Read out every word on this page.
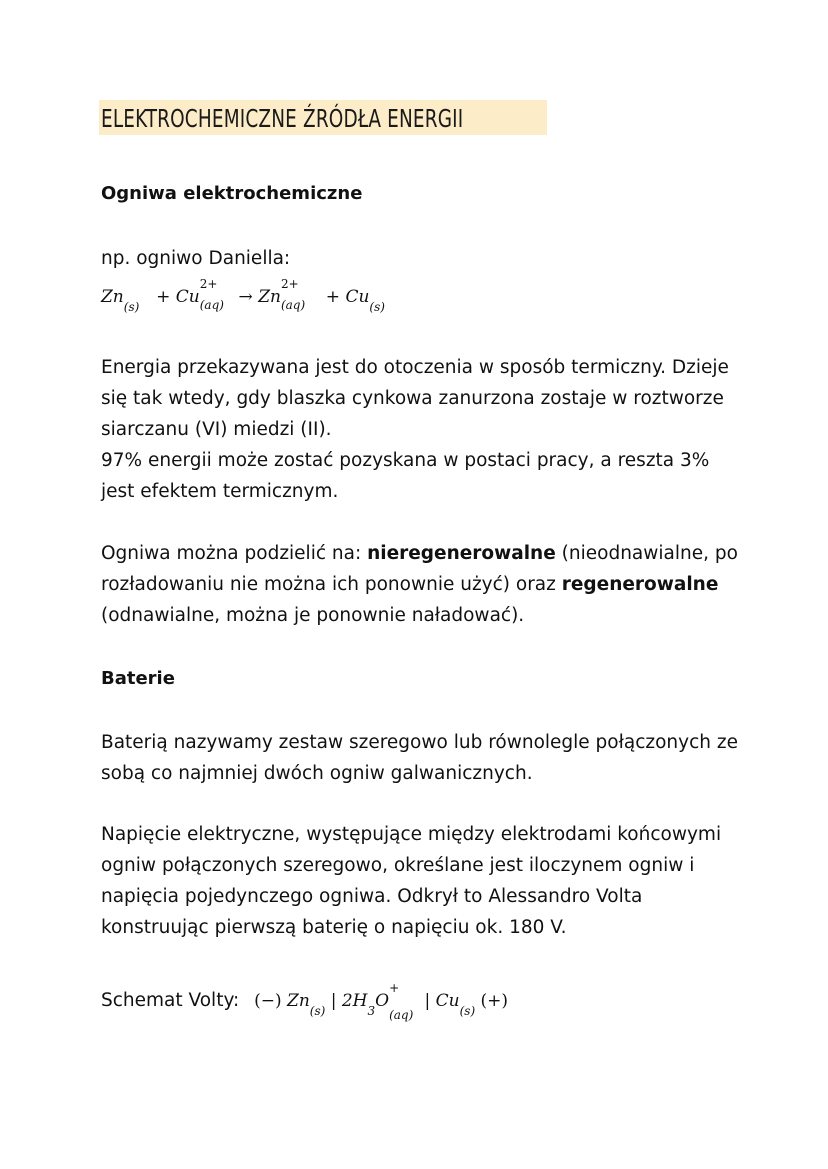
ELEKTROCHEMICZNE ŹRÓDŁA ENERGII
Ogniwa elektrochemiczne
np. ogniwo Daniella:
$Zn_{(s)} + Cu$
2+
(aq) → Zn
2+
$(aq) + Cu_{(s)}$
Energia przekazywana jest do otoczenia w sposób termiczny. Dzieje
się tak wtedy, gdy blaszka cynkowa zanurzona zostaje w roztworze
siarczanu (VI) miedzi (II).
97% energii może zostać pozyskana w postaci pracy, a reszta 3%
jest efektem termicznym.
Ogniwa można podzielić na: nieregenerowalne (nieodnawialne, po
rozładowaniu nie można ich ponownie użyć) oraz regenerowalne
(odnawialne, można je ponownie naładować).
Baterie
Baterią nazywamy zestaw szeregowo lub równolegle połączonych ze
sobą co najmniej dwóch ogniw galwanicznych.
Napięcie elektryczne, występujące między elektrodami końcowymi
ogniw połączonych szeregowo, określane jest iloczynem ogniw i
napięcia pojedynczego ogniwa. Odkrył to Alessandro Volta
konstruując pierwszą baterię o napięciu ok. 180 V.
Schemat Volty: (−) $Zn_{(s)}$ | $2H_3O$
+
(aq)
| $Cu_{(s)}$ (+)
